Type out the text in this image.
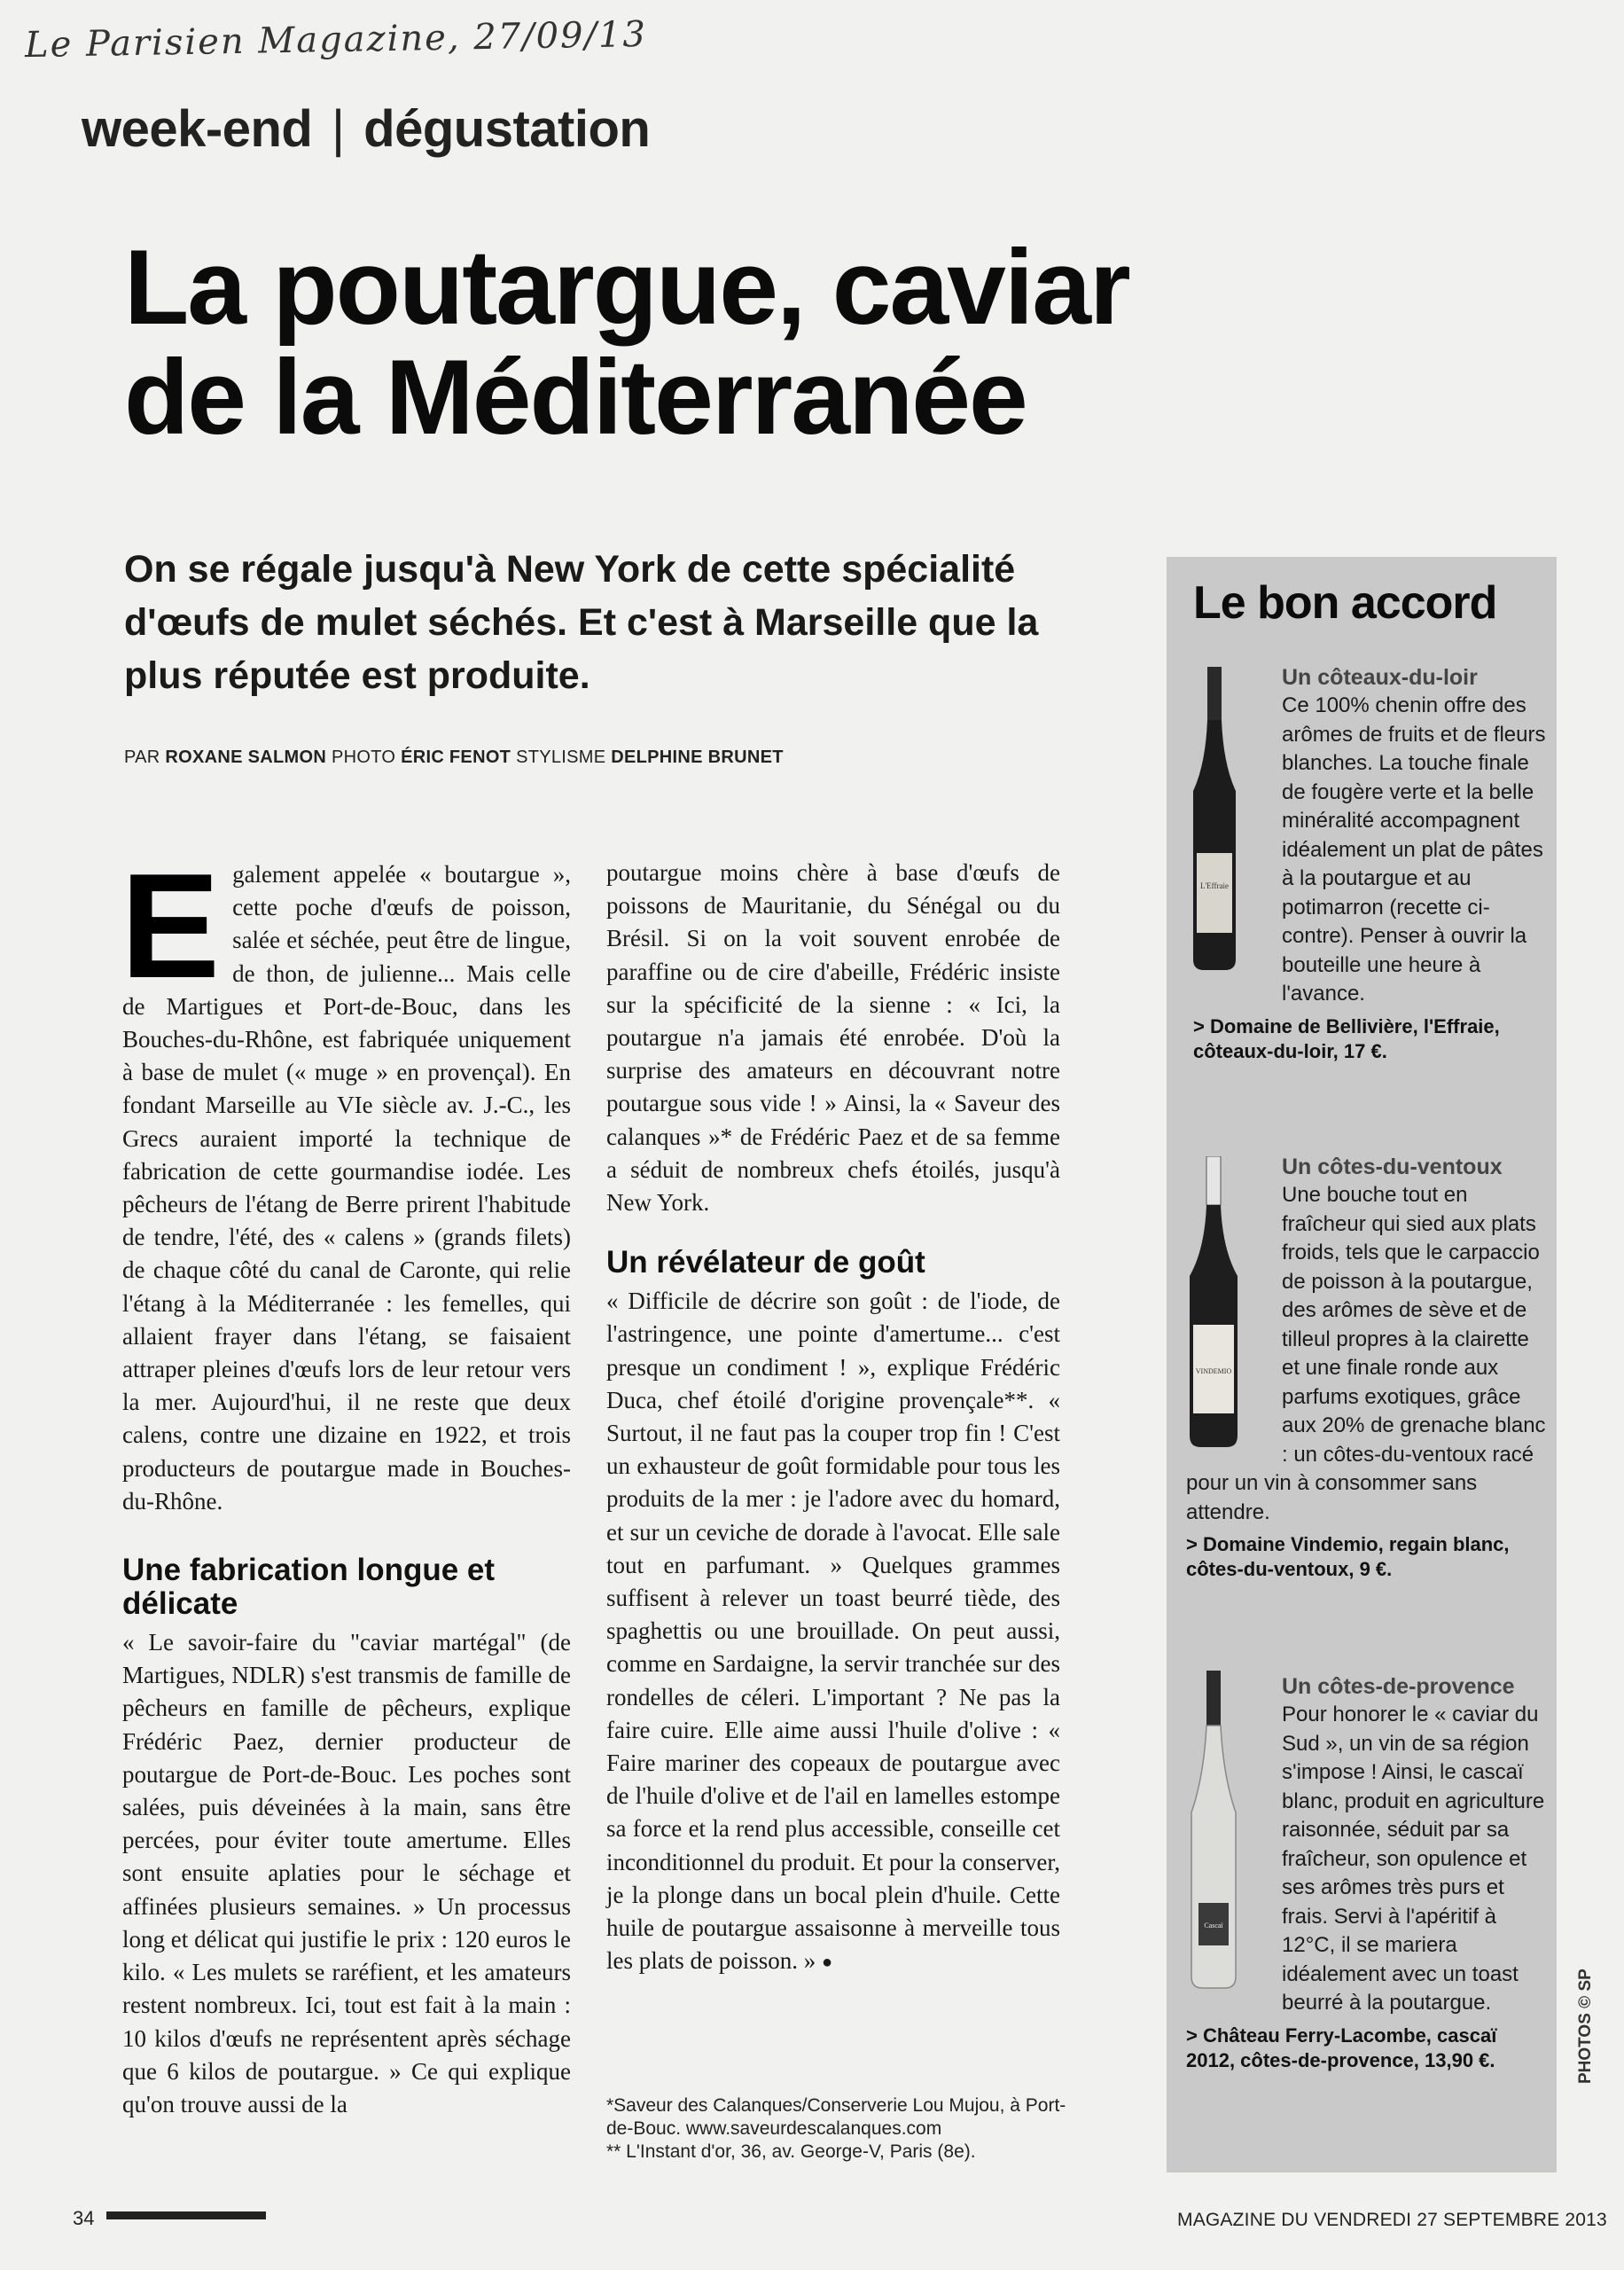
Le Parisien Magazine, 27/09/13
week-end | dégustation
La poutargue, caviar
de la Méditerranée
On se régale jusqu'à New York de cette spécialité d'œufs de mulet séchés. Et c'est à Marseille que la plus réputée est produite.
PAR ROXANE SALMON PHOTO ÉRIC FENOT STYLISME DELPHINE BRUNET
E galement appelée « boutargue », cette poche d'œufs de poisson, salée et séchée, peut être de lingue, de thon, de julienne... Mais celle de Martigues et Port-de-Bouc, dans les Bouches-du-Rhône, est fabriquée uniquement à base de mulet (« muge » en provençal). En fondant Marseille au VIe siècle av. J.-C., les Grecs auraient importé la technique de fabrication de cette gourmandise iodée. Les pêcheurs de l'étang de Berre prirent l'habitude de tendre, l'été, des « calens » (grands filets) de chaque côté du canal de Caronte, qui relie l'étang à la Méditerranée : les femelles, qui allaient frayer dans l'étang, se faisaient attraper pleines d'œufs lors de leur retour vers la mer. Aujourd'hui, il ne reste que deux calens, contre une dizaine en 1922, et trois producteurs de poutargue made in Bouches-du-Rhône.

Une fabrication longue et délicate

« Le savoir-faire du "caviar martégal" (de Martigues, NDLR) s'est transmis de famille de pêcheurs en famille de pêcheurs, explique Frédéric Paez, dernier producteur de poutargue de Port-de-Bouc. Les poches sont salées, puis déveinées à la main, sans être percées, pour éviter toute amertume. Elles sont ensuite aplaties pour le séchage et affinées plusieurs semaines. » Un processus long et délicat qui justifie le prix : 120 euros le kilo. « Les mulets se raréfient, et les amateurs restent nombreux. Ici, tout est fait à la main : 10 kilos d'œufs ne représentent après séchage que 6 kilos de poutargue. » Ce qui explique qu'on trouve aussi de la

poutargue moins chère à base d'œufs de poissons de Mauritanie, du Sénégal ou du Brésil. Si on la voit souvent enrobée de paraffine ou de cire d'abeille, Frédéric insiste sur la spécificité de la sienne : « Ici, la poutargue n'a jamais été enrobée. D'où la surprise des amateurs en découvrant notre poutargue sous vide ! » Ainsi, la « Saveur des calanques »* de Frédéric Paez et de sa femme a séduit de nombreux chefs étoilés, jusqu'à New York.

Un révélateur de goût

« Difficile de décrire son goût : de l'iode, de l'astringence, une pointe d'amertume... c'est presque un condiment ! », explique Frédéric Duca, chef étoilé d'origine provençale**. « Surtout, il ne faut pas la couper trop fin ! C'est un exhausteur de goût formidable pour tous les produits de la mer : je l'adore avec du homard, et sur un ceviche de dorade à l'avocat. Elle sale tout en parfumant. » Quelques grammes suffisent à relever un toast beurré tiède, des spaghettis ou une brouillade. On peut aussi, comme en Sardaigne, la servir tranchée sur des rondelles de céleri. L'important ? Ne pas la faire cuire. Elle aime aussi l'huile d'olive : « Faire mariner des copeaux de poutargue avec de l'huile d'olive et de l'ail en lamelles estompe sa force et la rend plus accessible, conseille cet inconditionnel du produit. Et pour la conserver, je la plonge dans un bocal plein d'huile. Cette huile de poutargue assaisonne à merveille tous les plats de poisson. » ●

*Saveur des Calanques/Conserverie Lou Mujou, à Port-de-Bouc. www.saveurdescalanques.com

** L'Instant d'or, 36, av. George-V, Paris (8e).

Le bon accord
L'Effraie
Un côteaux-du-loir
Ce 100% chenin offre des arômes de fruits et de fleurs blanches. La touche finale de fougère verte et la belle minéralité accompagnent idéalement un plat de pâtes à la poutargue et au potimarron (recette ci-contre). Penser à ouvrir la bouteille une heure à l'avance.
> Domaine de Bellivière, l'Effraie, côteaux-du-loir, 17 €.
VINDEMIO
Un côtes-du-ventoux
Une bouche tout en fraîcheur qui sied aux plats froids, tels que le carpaccio de poisson à la poutargue, des arômes de sève et de tilleul propres à la clairette et une finale ronde aux parfums exotiques, grâce aux 20% de grenache blanc : un côtes-du-ventoux racé pour un vin à consommer sans attendre.
> Domaine Vindemio, regain blanc, côtes-du-ventoux, 9 €.
Cascaï
Un côtes-de-provence
Pour honorer le « caviar du Sud », un vin de sa région s'impose ! Ainsi, le cascaï blanc, produit en agriculture raisonnée, séduit par sa fraîcheur, son opulence et ses arômes très purs et frais. Servi à l'apéritif à 12°C, il se mariera idéalement avec un toast beurré à la poutargue.
> Château Ferry-Lacombe, cascaï 2012, côtes-de-provence, 13,90 €.	PHOTOS © SP
34	MAGAZINE DU VENDREDI 27 SEPTEMBRE 2013
